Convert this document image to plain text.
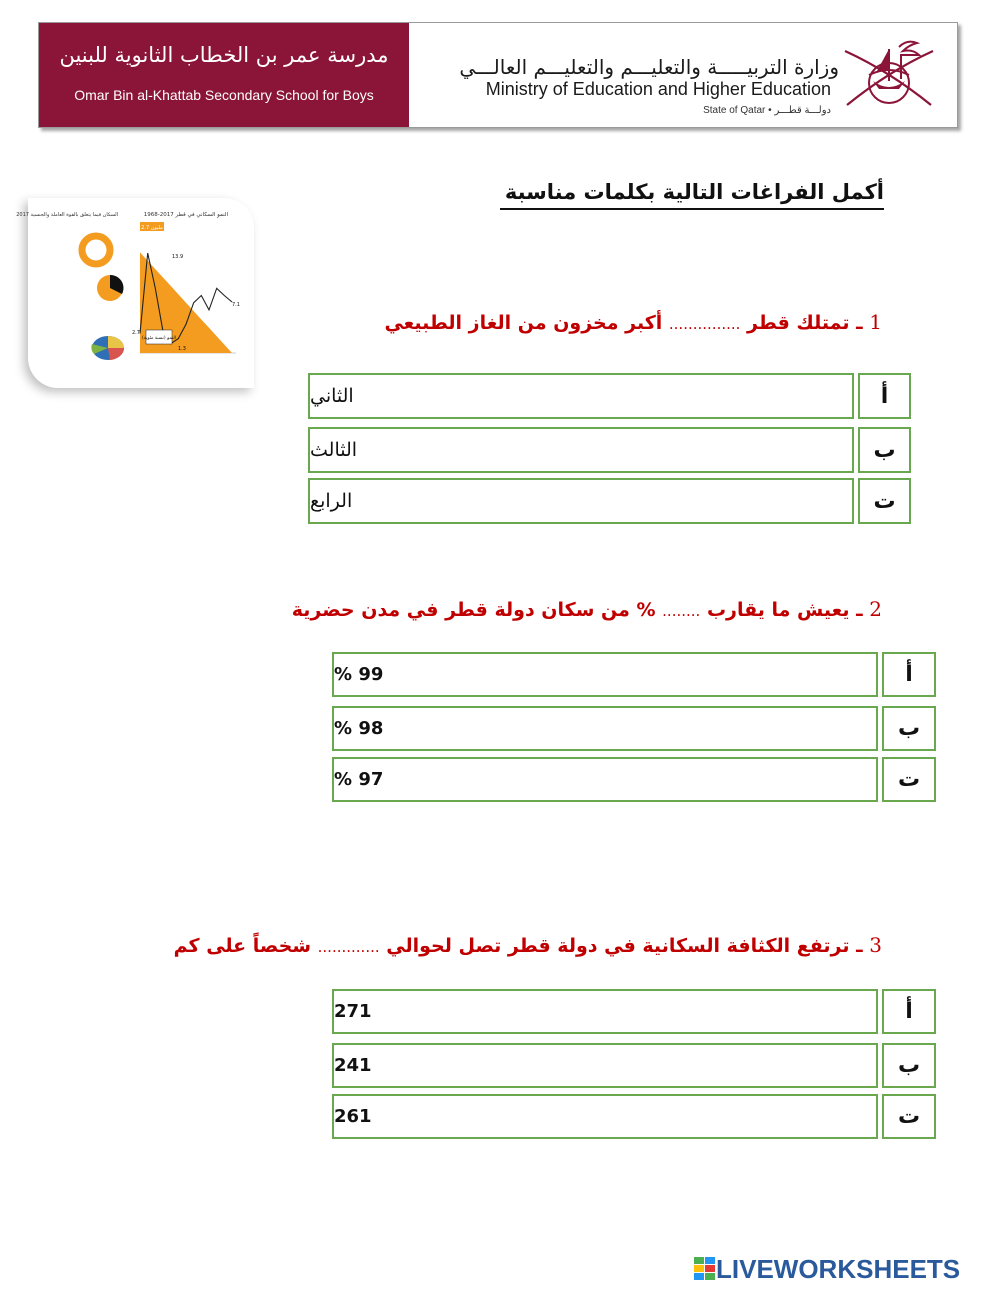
مدرسة عمر بن الخطاب الثانوية للبنين
Omar Bin al-Khattab Secondary School for Boys
وزارة التربيـــــة والتعليـــم والتعليـــم العالـــي
Ministry of Education and Higher Education
State of Qatar • دولـــة قطـــر
أكمل الفراغات التالية بكلمات مناسبة
النمو السكاني في قطر 2017-1968
السكان فيما يتعلق بالقوة العاملة والجنسية 2017
2.7 مليون
13.9
2.7
1.3
7.1
النمو (نسبة مئوية)
1 ـ تمتلك قطر ............... أكبر مخزون من الغاز الطبيعي
أ
الثاني
ب
الثالث
ت
الرابع
2 ـ يعيش ما يقارب ........ % من سكان دولة قطر في مدن حضرية
أ
99 %
ب
98 %
ت
97 %
3 ـ ترتفع الكثافة السكانية في دولة قطر تصل لحوالي ............. شخصاً على كم
أ
271
ب
241
ت
261
LIVEWORKSHEETS
